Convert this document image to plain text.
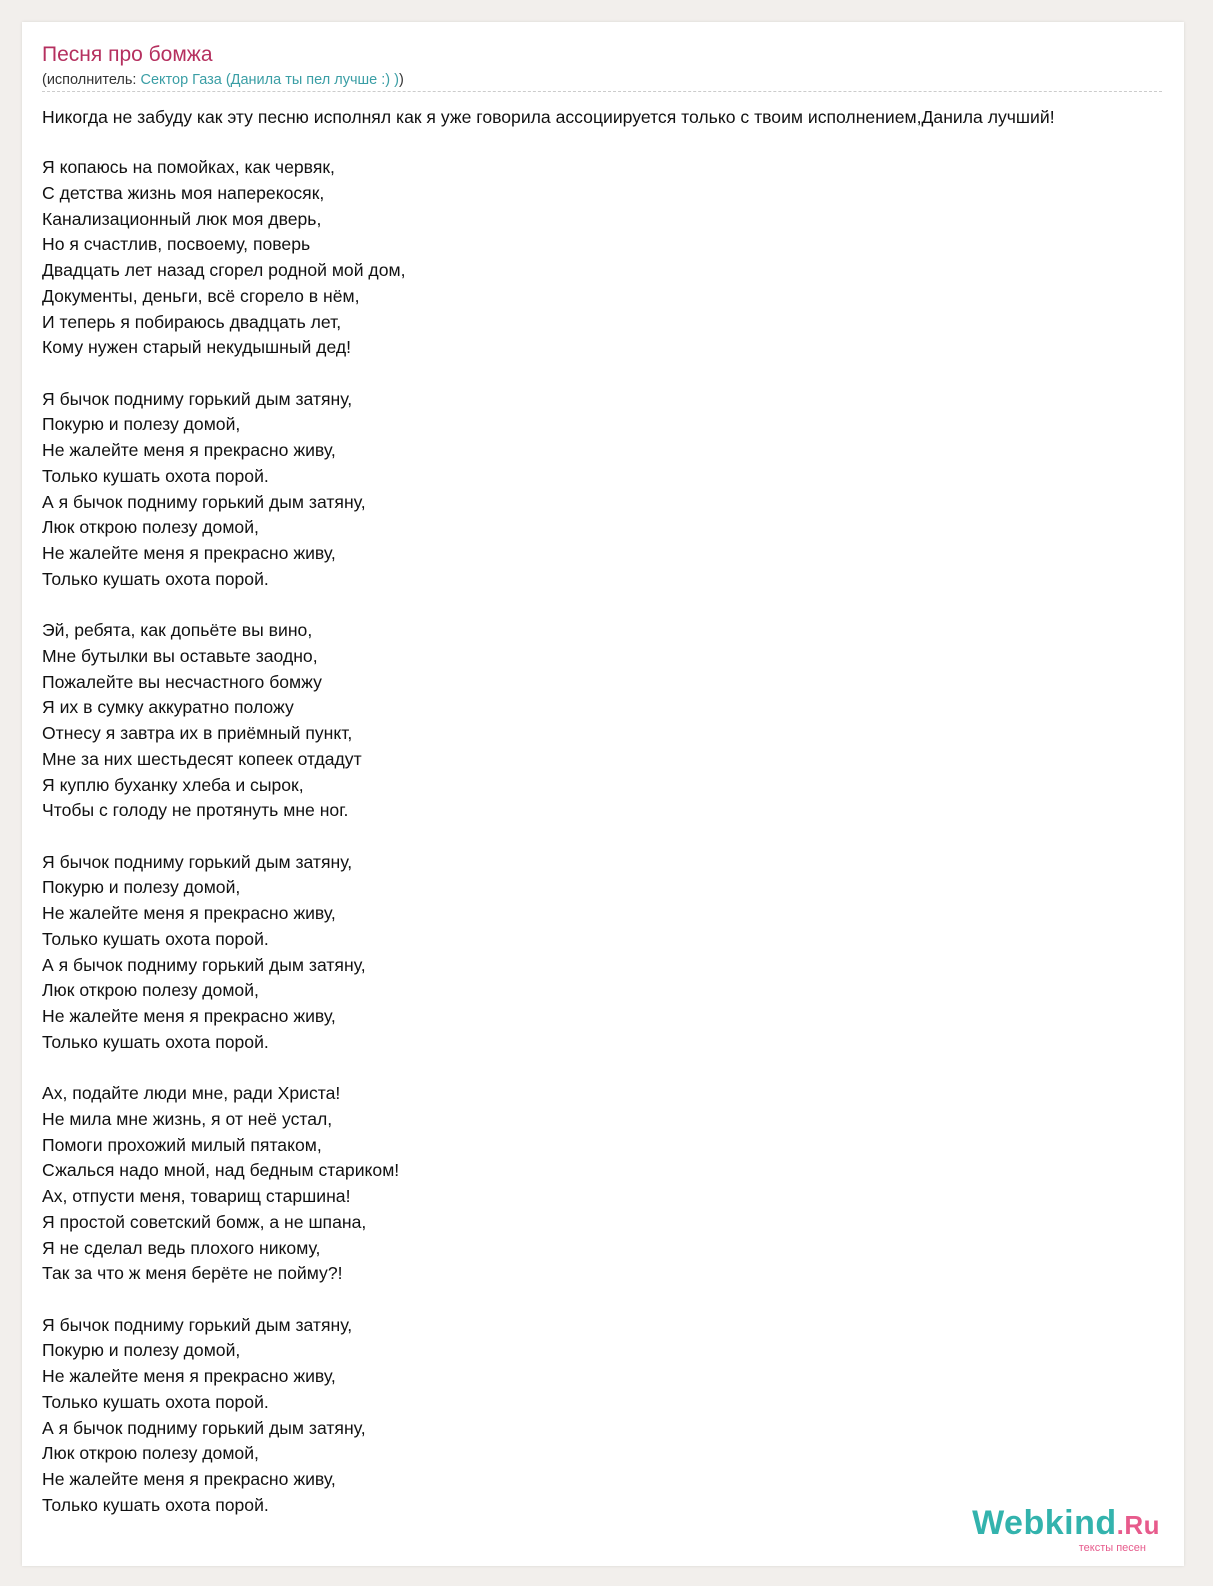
Песня про бомжа
(исполнитель: Сектор Газа (Данила ты пел лучше :) ))
Никогда не забуду как эту песню исполнял как я уже говорила ассоциируется только с твоим исполнением,Данила лучший!
Я копаюсь на помойках, как червяк,
С детства жизнь моя наперекосяк,
Канализационный люк моя дверь,
Но я счастлив, посвоему, поверь
Двадцать лет назад сгорел родной мой дом,
Документы, деньги, всё сгорело в нём,
И теперь я побираюсь двадцать лет,
Кому нужен старый некудышный дед!
Я бычок подниму горький дым затяну,
Покурю и полезу домой,
Не жалейте меня я прекрасно живу,
Только кушать охота порой.
А я бычок подниму горький дым затяну,
Люк открою полезу домой,
Не жалейте меня я прекрасно живу,
Только кушать охота порой.
Эй, ребята, как допьёте вы вино,
Мне бутылки вы оставьте заодно,
Пожалейте вы несчастного бомжу
Я их в сумку аккуратно положу
Отнесу я завтра их в приёмный пункт,
Мне за них шестьдесят копеек отдадут
Я куплю буханку хлеба и сырок,
Чтобы с голоду не протянуть мне ног.
Я бычок подниму горький дым затяну,
Покурю и полезу домой,
Не жалейте меня я прекрасно живу,
Только кушать охота порой.
А я бычок подниму горький дым затяну,
Люк открою полезу домой,
Не жалейте меня я прекрасно живу,
Только кушать охота порой.
Ах, подайте люди мне, ради Христа!
Не мила мне жизнь, я от неё устал,
Помоги прохожий милый пятаком,
Сжалься надо мной, над бедным стариком!
Ах, отпусти меня, товарищ старшина!
Я простой советский бомж, а не шпана,
Я не сделал ведь плохого никому,
Так за что ж меня берёте не пойму?!
Я бычок подниму горький дым затяну,
Покурю и полезу домой,
Не жалейте меня я прекрасно живу,
Только кушать охота порой.
А я бычок подниму горький дым затяну,
Люк открою полезу домой,
Не жалейте меня я прекрасно живу,
Только кушать охота порой.	Webkind.Ru
тексты песен
